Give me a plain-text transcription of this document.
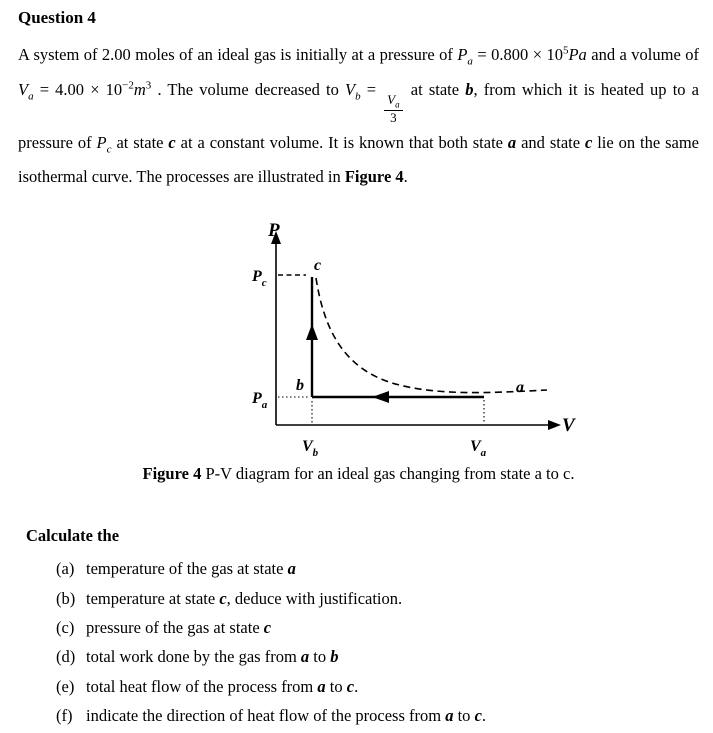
Question 4

A system of 2.00 moles of an ideal gas is initially at a pressure of $P_a = 0.800 \times 10^5Pa$ and a volume of $V_a = 4.00 \times 10^{-2}m^3$ . The volume decreased to $V_b$ =
$\frac{V_a}{3}$
at state b, from which it is heated up to a pressure of $P_c$ at state c at a constant volume. It is known that both state a and state c lie on the same isothermal curve. The processes are illustrated in Figure 4.

P
V
$P_c$
$P_a$
$V_b$	$V_a$
c
b	a
Figure 4 P-V diagram for an ideal gas changing from state a to c.
Calculate the
(a) temperature of the gas at state a
(b) temperature at state c, deduce with justification.
(c) pressure of the gas at state c
(d) total work done by the gas from a to b
(e) total heat flow of the process from a to c.
(f) indicate the direction of heat flow of the process from a to c.
